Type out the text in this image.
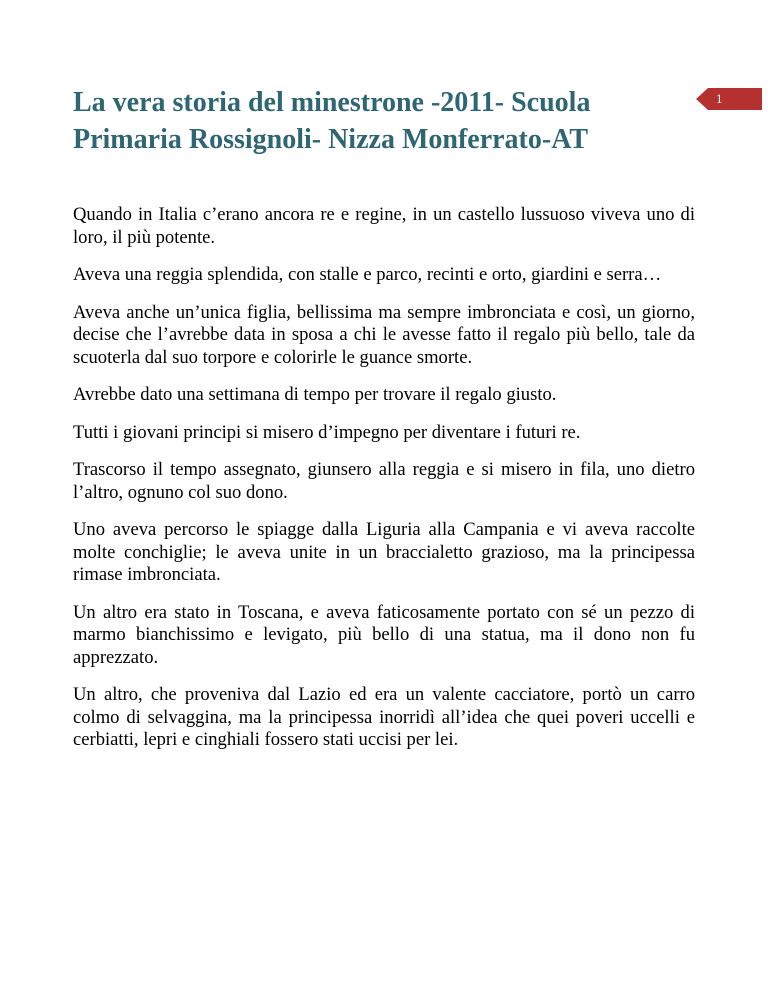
La vera storia del minestrone -2011- Scuola Primaria Rossignoli- Nizza Monferrato-AT
1

Quando in Italia c’erano ancora re e regine, in un castello lussuoso viveva uno di loro, il più potente.

Aveva una reggia splendida, con stalle e parco, recinti e orto, giardini e serra…

Aveva anche un’unica figlia, bellissima ma sempre imbronciata e così, un giorno, decise che l’avrebbe data in sposa a chi le avesse fatto il regalo più bello, tale da scuoterla dal suo torpore e colorirle le guance smorte.

Avrebbe dato una settimana di tempo per trovare il regalo giusto.

Tutti i giovani principi si misero d’impegno per diventare i futuri re.

Trascorso il tempo assegnato, giunsero alla reggia e si misero in fila, uno dietro l’altro, ognuno col suo dono.

Uno aveva percorso le spiagge dalla Liguria alla Campania e vi aveva raccolte molte conchiglie; le aveva unite in un braccialetto grazioso, ma la principessa rimase imbronciata.

Un altro era stato in Toscana, e aveva faticosamente portato con sé un pezzo di marmo bianchissimo e levigato, più bello di una statua, ma il dono non fu apprezzato.

Un altro, che proveniva dal Lazio ed era un valente cacciatore, portò un carro colmo di selvaggina, ma la principessa inorridì all’idea che quei poveri uccelli e cerbiatti, lepri e cinghiali fossero stati uccisi per lei.
